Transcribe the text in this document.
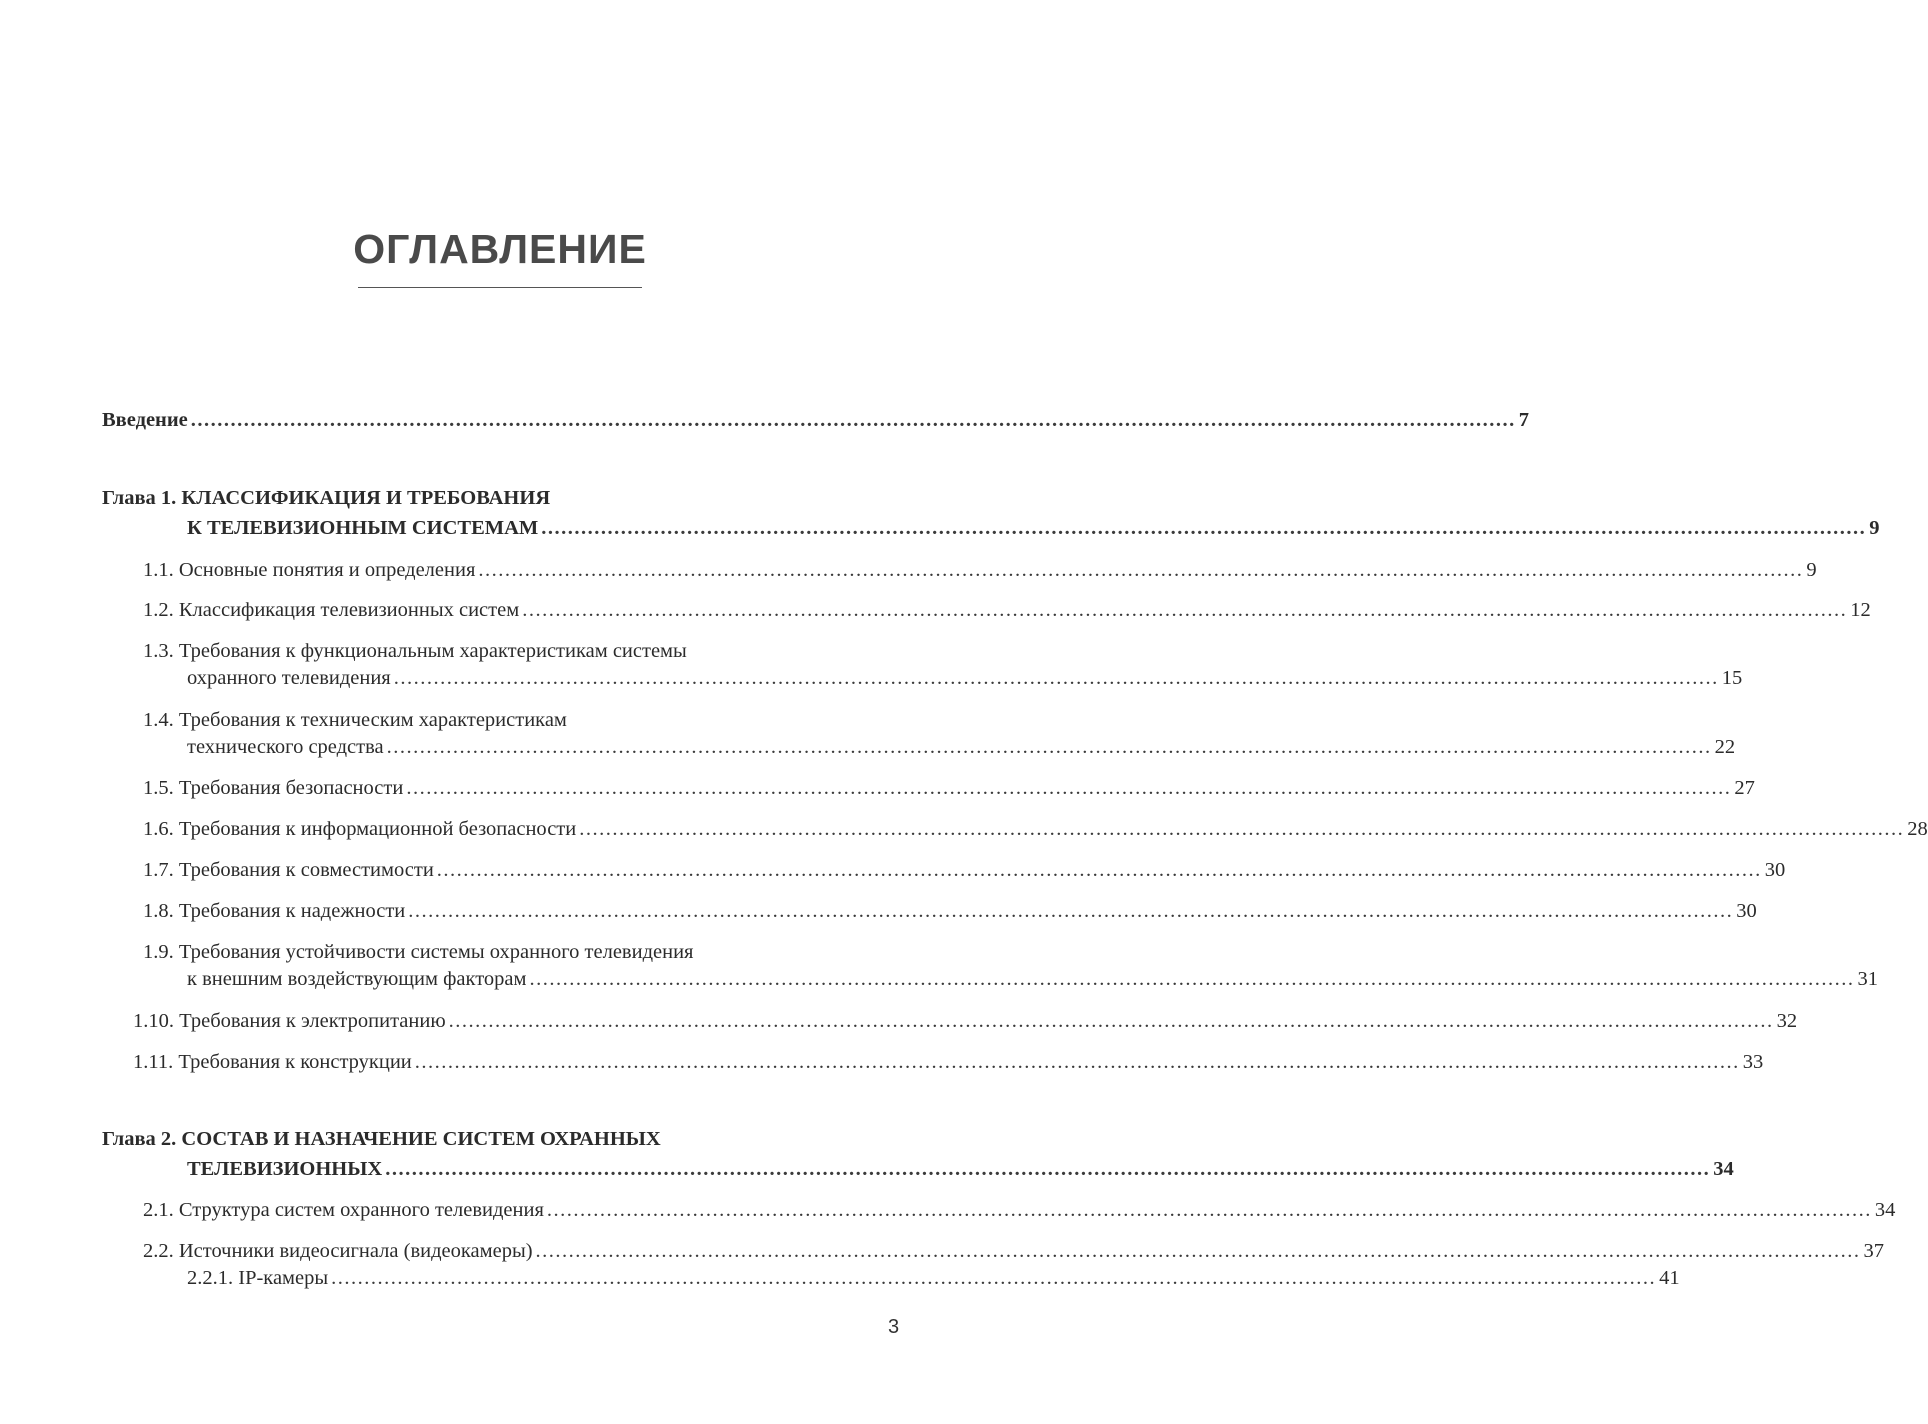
ОГЛАВЛЕНИЕ
Введение ........................................................................................................................................................................................................ 7
Глава 1. КЛАССИФИКАЦИЯ И ТРЕБОВАНИЯ
К ТЕЛЕВИЗИОННЫМ СИСТЕМАМ ........................................................................................................................................................................................................ 9
1.1. Основные понятия и определения ........................................................................................................................................................................................................ 9
1.2. Классификация телевизионных систем ........................................................................................................................................................................................................ 12
1.3. Требования к функциональным характеристикам системы
охранного телевидения ........................................................................................................................................................................................................ 15
1.4. Требования к техническим характеристикам
технического средства ........................................................................................................................................................................................................ 22
1.5. Требования безопасности ........................................................................................................................................................................................................ 27
1.6. Требования к информационной безопасности ........................................................................................................................................................................................................ 28
1.7. Требования к совместимости ........................................................................................................................................................................................................ 30
1.8. Требования к надежности ........................................................................................................................................................................................................ 30
1.9. Требования устойчивости системы охранного телевидения
к внешним воздействующим факторам ........................................................................................................................................................................................................ 31
1.10. Требования к электропитанию ........................................................................................................................................................................................................ 32
1.11. Требования к конструкции ........................................................................................................................................................................................................ 33
Глава 2. СОСТАВ И НАЗНАЧЕНИЕ СИСТЕМ ОХРАННЫХ
ТЕЛЕВИЗИОННЫХ ........................................................................................................................................................................................................ 34
2.1. Структура систем охранного телевидения ........................................................................................................................................................................................................ 34
2.2. Источники видеосигнала (видеокамеры) ........................................................................................................................................................................................................ 37
2.2.1. IP-камеры ........................................................................................................................................................................................................ 41
3
